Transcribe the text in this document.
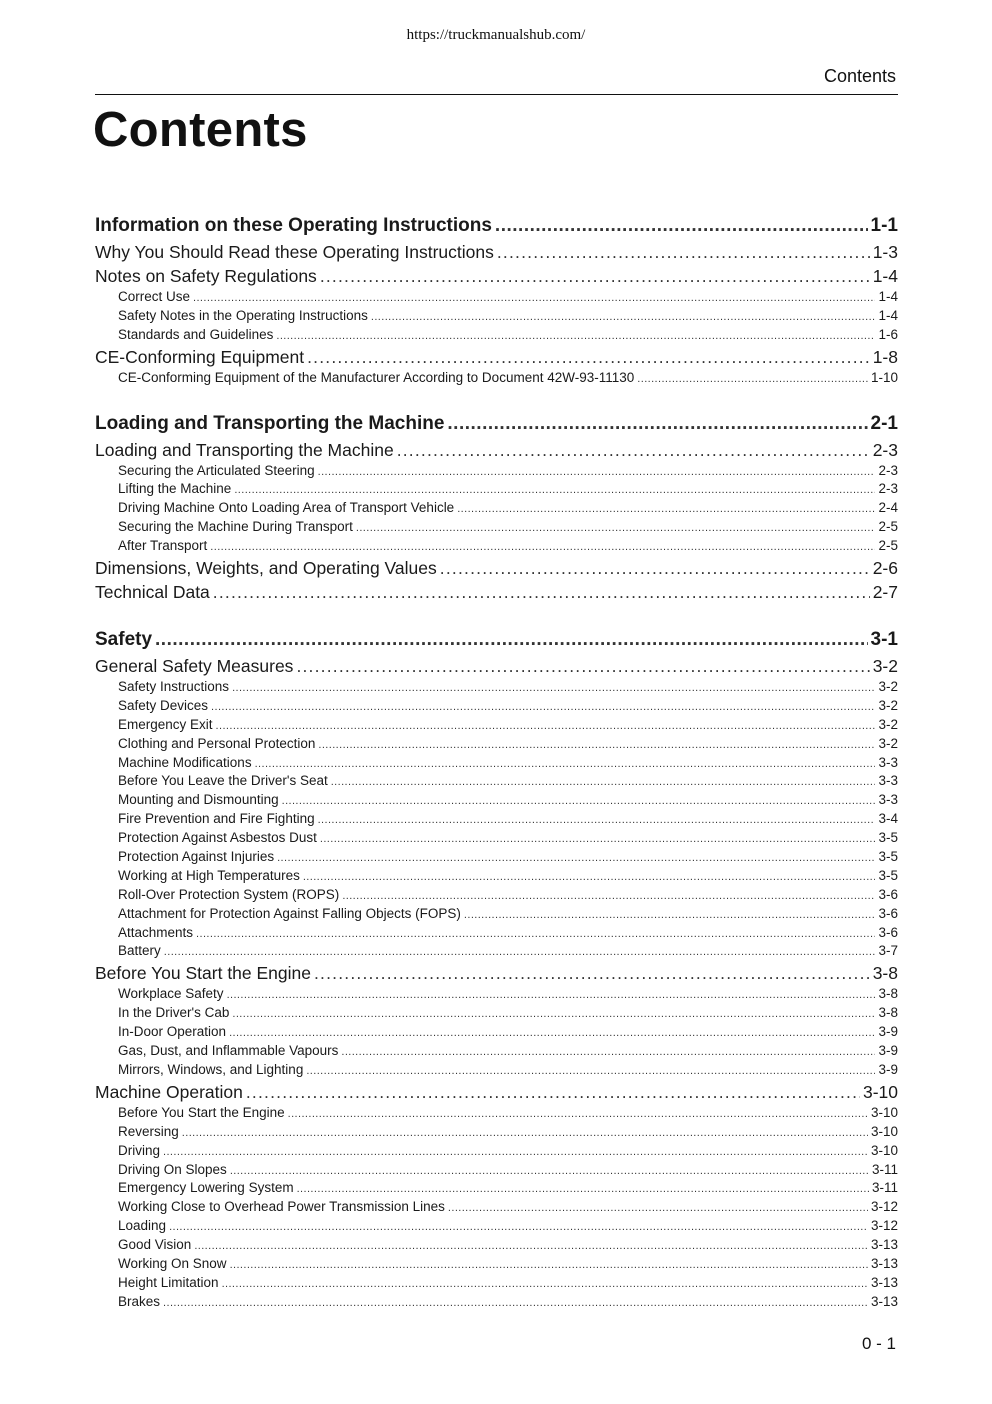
https://truckmanualshub.com/
Contents
Contents
Information on these Operating Instructions .....	1-1
Why You Should Read these Operating Instructions .....	1-3
Notes on Safety Regulations .....	1-4
Correct Use .....	1-4
Safety Notes in the Operating Instructions .....	1-4
Standards and Guidelines .....	1-6
CE-Conforming Equipment .....	1-8
CE-Conforming Equipment of the Manufacturer According to Document 42W-93-11130 .....	1-10
Loading and Transporting the Machine .....	2-1
Loading and Transporting the Machine .....	2-3
Securing the Articulated Steering .....	2-3
Lifting the Machine .....	2-3
Driving Machine Onto Loading Area of Transport Vehicle .....	2-4
Securing the Machine During Transport .....	2-5
After Transport .....	2-5
Dimensions, Weights, and Operating Values .....	2-6
Technical Data .....	2-7
Safety .....	3-1
General Safety Measures .....	3-2
Safety Instructions .....	3-2
Safety Devices .....	3-2
Emergency Exit .....	3-2
Clothing and Personal Protection .....	3-2
Machine Modifications .....	3-3
Before You Leave the Driver's Seat .....	3-3
Mounting and Dismounting .....	3-3
Fire Prevention and Fire Fighting .....	3-4
Protection Against Asbestos Dust .....	3-5
Protection Against Injuries .....	3-5
Working at High Temperatures .....	3-5
Roll-Over Protection System (ROPS) .....	3-6
Attachment for Protection Against Falling Objects (FOPS) .....	3-6
Attachments .....	3-6
Battery .....	3-7
Before You Start the Engine .....	3-8
Workplace Safety .....	3-8
In the Driver's Cab .....	3-8
In-Door Operation .....	3-9
Gas, Dust, and Inflammable Vapours .....	3-9
Mirrors, Windows, and Lighting .....	3-9
Machine Operation .....	3-10
Before You Start the Engine .....	3-10
Reversing .....	3-10
Driving .....	3-10
Driving On Slopes .....	3-11
Emergency Lowering System .....	3-11
Working Close to Overhead Power Transmission Lines .....	3-12
Loading .....	3-12
Good Vision .....	3-13
Working On Snow .....	3-13
Height Limitation .....	3-13
Brakes .....	3-13
0 - 1
